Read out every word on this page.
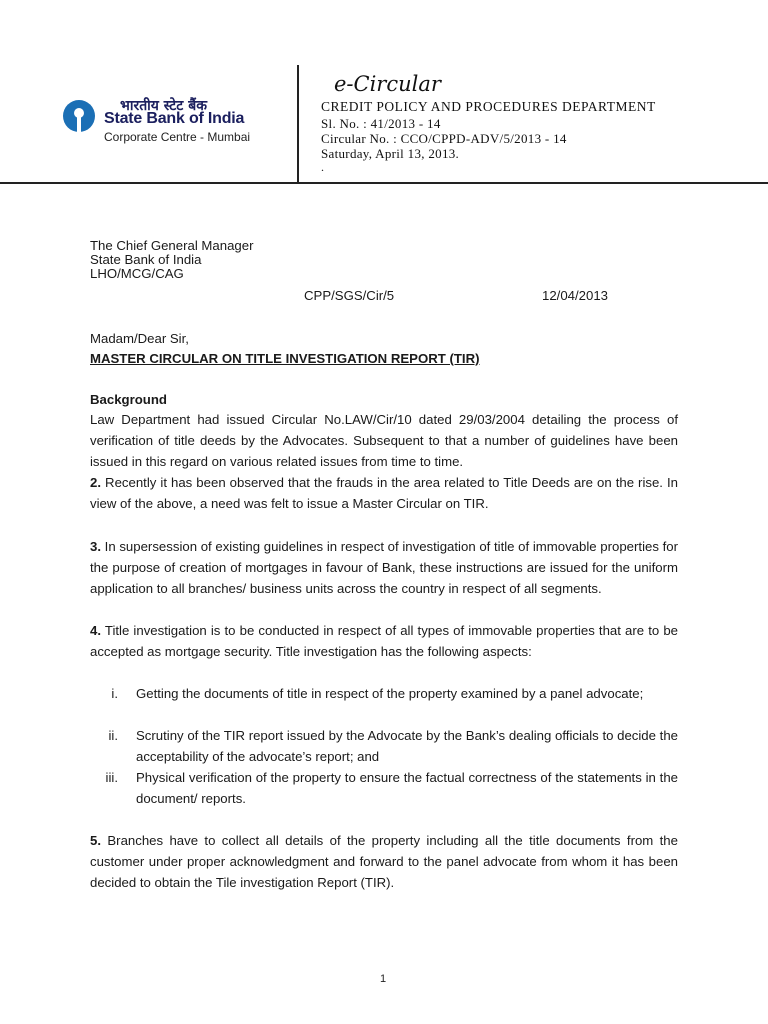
भारतीय स्टेट बैंक
State Bank of India
Corporate Centre - Mumbai
e-Circular
CREDIT POLICY AND PROCEDURES DEPARTMENT
Sl. No. : 41/2013 - 14
Circular No. : CCO/CPPD-ADV/5/2013 - 14
Saturday, April 13, 2013.
.
The Chief General Manager
State Bank of India
LHO/MCG/CAG
CPP/SGS/Cir/5	12/04/2013
Madam/Dear Sir,
MASTER CIRCULAR ON TITLE INVESTIGATION REPORT (TIR)
Background
Law Department had issued Circular No.LAW/Cir/10 dated 29/03/2004 detailing the process of verification of title deeds by the Advocates. Subsequent to that a number of guidelines have been issued in this regard on various related issues from time to time.
2. Recently it has been observed that the frauds in the area related to Title Deeds are on the rise. In view of the above, a need was felt to issue a Master Circular on TIR.
3. In supersession of existing guidelines in respect of investigation of title of immovable properties for the purpose of creation of mortgages in favour of Bank, these instructions are issued for the uniform application to all branches/ business units across the country in respect of all segments.
4. Title investigation is to be conducted in respect of all types of immovable properties that are to be accepted as mortgage security. Title investigation has the following aspects:
i. Getting the documents of title in respect of the property examined by a panel advocate;
ii. Scrutiny of the TIR report issued by the Advocate by the Bank’s dealing officials to decide the acceptability of the advocate’s report; and
iii. Physical verification of the property to ensure the factual correctness of the statements in the document/ reports.
5. Branches have to collect all details of the property including all the title documents from the customer under proper acknowledgment and forward to the panel advocate from whom it has been decided to obtain the Tile investigation Report (TIR).
1
